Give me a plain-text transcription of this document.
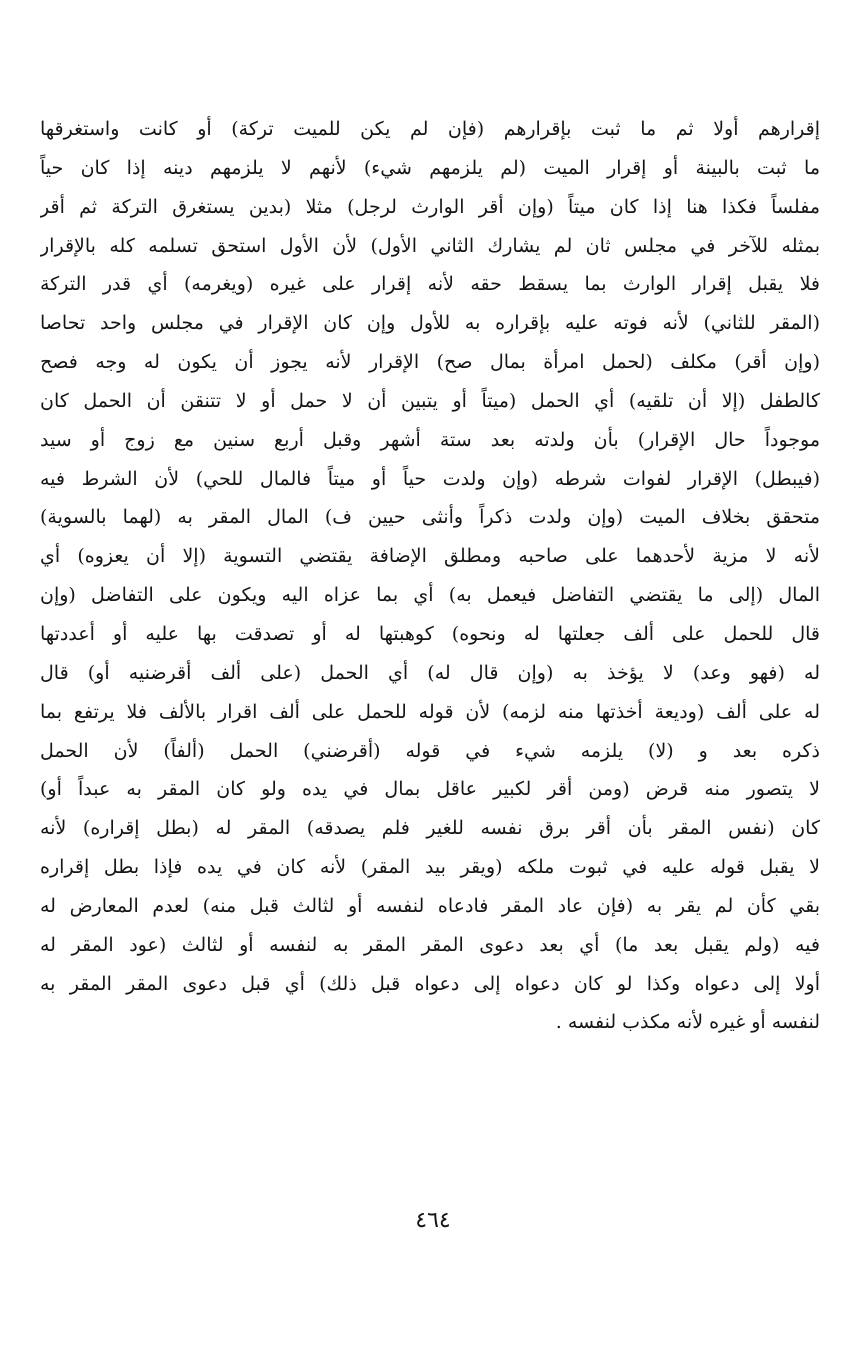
إقرارهم أولا ثم ما ثبت بإقرارهم (فإن لم يكن للميت تركة) أو كانت واستغرقها
ما ثبت بالبينة أو إقرار الميت (لم يلزمهم شيء) لأنهم لا يلزمهم دينه إذا كان حياً
مفلساً فكذا هنا إذا كان ميتاً (وإن أقر الوارث لرجل) مثلا (بدين يستغرق التركة ثم أقر
بمثله للآخر في مجلس ثان لم يشارك الثاني الأول) لأن الأول استحق تسلمه كله بالإقرار
فلا يقبل إقرار الوارث بما يسقط حقه لأنه إقرار على غيره (ويغرمه) أي قدر التركة
(المقر للثاني) لأنه فوته عليه بإقراره به للأول وإن كان الإقرار في مجلس واحد تحاصا
(وإن أقر) مكلف (لحمل امرأة بمال صح) الإقرار لأنه يجوز أن يكون له وجه فصح
كالطفل (إلا أن تلقيه) أي الحمل (ميتاً أو يتبين أن لا حمل أو لا تتنقن أن الحمل كان
موجوداً حال الإقرار) بأن ولدته بعد ستة أشهر وقبل أربع سنين مع زوج أو سيد
(فيبطل) الإقرار لفوات شرطه (وإن ولدت حياً أو ميتاً فالمال للحي) لأن الشرط فيه
متحقق بخلاف الميت (وإن ولدت ذكراً وأنثى حيين ف) المال المقر به (لهما بالسوية)
لأنه لا مزية لأحدهما على صاحبه ومطلق الإضافة يقتضي التسوية (إلا أن يعزوه) أي
المال (إلى ما يقتضي التفاضل فيعمل به) أي بما عزاه اليه ويكون على التفاضل (وإن
قال للحمل على ألف جعلتها له ونحوه) كوهبتها له أو تصدقت بها عليه أو أعددتها
له (فهو وعد) لا يؤخذ به (وإن قال له) أي الحمل (على ألف أقرضنيه أو) قال
له على ألف (وديعة أخذتها منه لزمه) لأن قوله للحمل على ألف اقرار بالألف فلا يرتفع بما
ذكره بعد و (لا) يلزمه شيء في قوله (أقرضني) الحمل (ألفاً) لأن الحمل
لا يتصور منه قرض (ومن أقر لكبير عاقل بمال في يده ولو كان المقر به عبداً أو)
كان (نفس المقر بأن أقر برق نفسه للغير فلم يصدقه) المقر له (بطل إقراره) لأنه
لا يقبل قوله عليه في ثبوت ملكه (ويقر بيد المقر) لأنه كان في يده فإذا بطل إقراره
بقي كأن لم يقر به (فإن عاد المقر فادعاه لنفسه أو لثالث قبل منه) لعدم المعارض له
فيه (ولم يقبل بعد ما) أي بعد دعوى المقر المقر به لنفسه أو لثالث (عود المقر له
أولا إلى دعواه وكذا لو كان دعواه إلى دعواه قبل ذلك) أي قبل دعوى المقر المقر به
لنفسه أو غيره لأنه مكذب لنفسه .
٤٦٤
